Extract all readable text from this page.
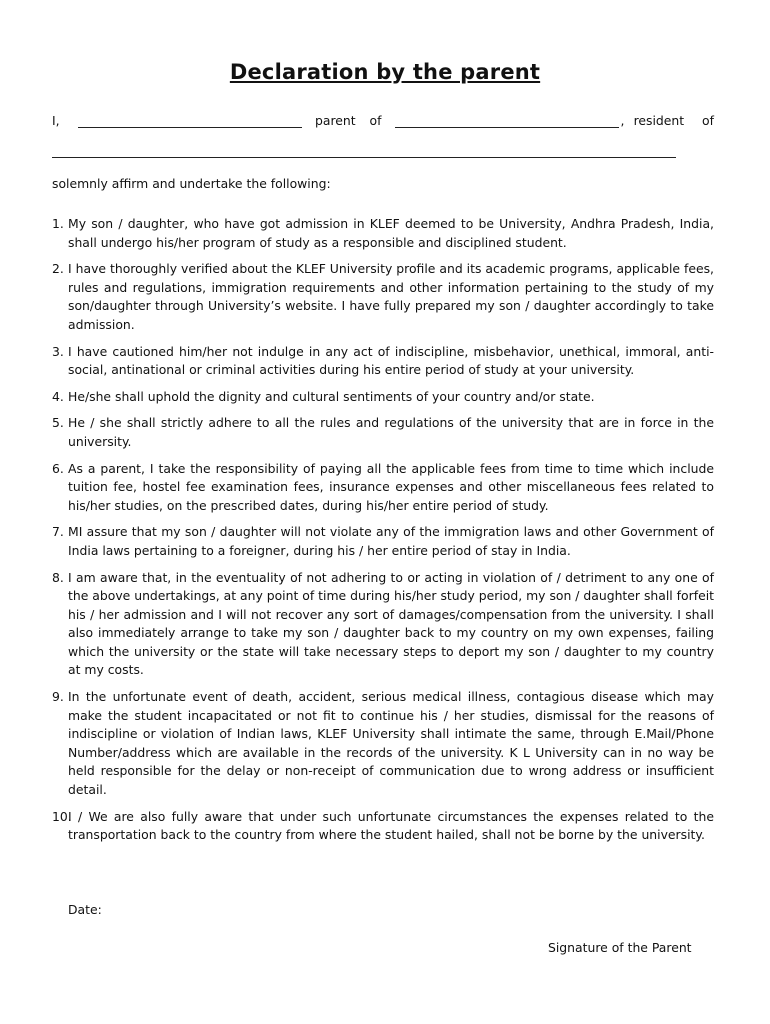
Declaration by the parent
I,	parent of	, resident of
solemnly affirm and undertake the following:
1. My son / daughter, who have got admission in KLEF deemed to be University, Andhra Pradesh, India, shall undergo his/her program of study as a responsible and disciplined student.
2. I have thoroughly verified about the KLEF University profile and its academic programs, applicable fees, rules and regulations, immigration requirements and other information pertaining to the study of my son/daughter through University’s website. I have fully prepared my son / daughter accordingly to take admission.
3. I have cautioned him/her not indulge in any act of indiscipline, misbehavior, unethical, immoral, anti-social, antinational or criminal activities during his entire period of study at your university.
4. He/she shall uphold the dignity and cultural sentiments of your country and/or state.
5. He / she shall strictly adhere to all the rules and regulations of the university that are in force in the university.
6. As a parent, I take the responsibility of paying all the applicable fees from time to time which include tuition fee, hostel fee examination fees, insurance expenses and other miscellaneous fees related to his/her studies, on the prescribed dates, during his/her entire period of study.
7. MI assure that my son / daughter will not violate any of the immigration laws and other Government of India laws pertaining to a foreigner, during his / her entire period of stay in India.
8. I am aware that, in the eventuality of not adhering to or acting in violation of / detriment to any one of the above undertakings, at any point of time during his/her study period, my son / daughter shall forfeit his / her admission and I will not recover any sort of damages/compensation from the university. I shall also immediately arrange to take my son / daughter back to my country on my own expenses, failing which the university or the state will take necessary steps to deport my son / daughter to my country at my costs.
9. In the unfortunate event of death, accident, serious medical illness, contagious disease which may make the student incapacitated or not fit to continue his / her studies, dismissal for the reasons of indiscipline or violation of Indian laws, KLEF University shall intimate the same, through E.Mail/Phone Number/address which are available in the records of the university. K L University can in no way be held responsible for the delay or non-receipt of communication due to wrong address or insufficient detail.
10.
I / We are also fully aware that under such unfortunate circumstances the expenses related to the transportation back to the country from where the student hailed, shall not be borne by the university.
Date:
Signature of the Parent
